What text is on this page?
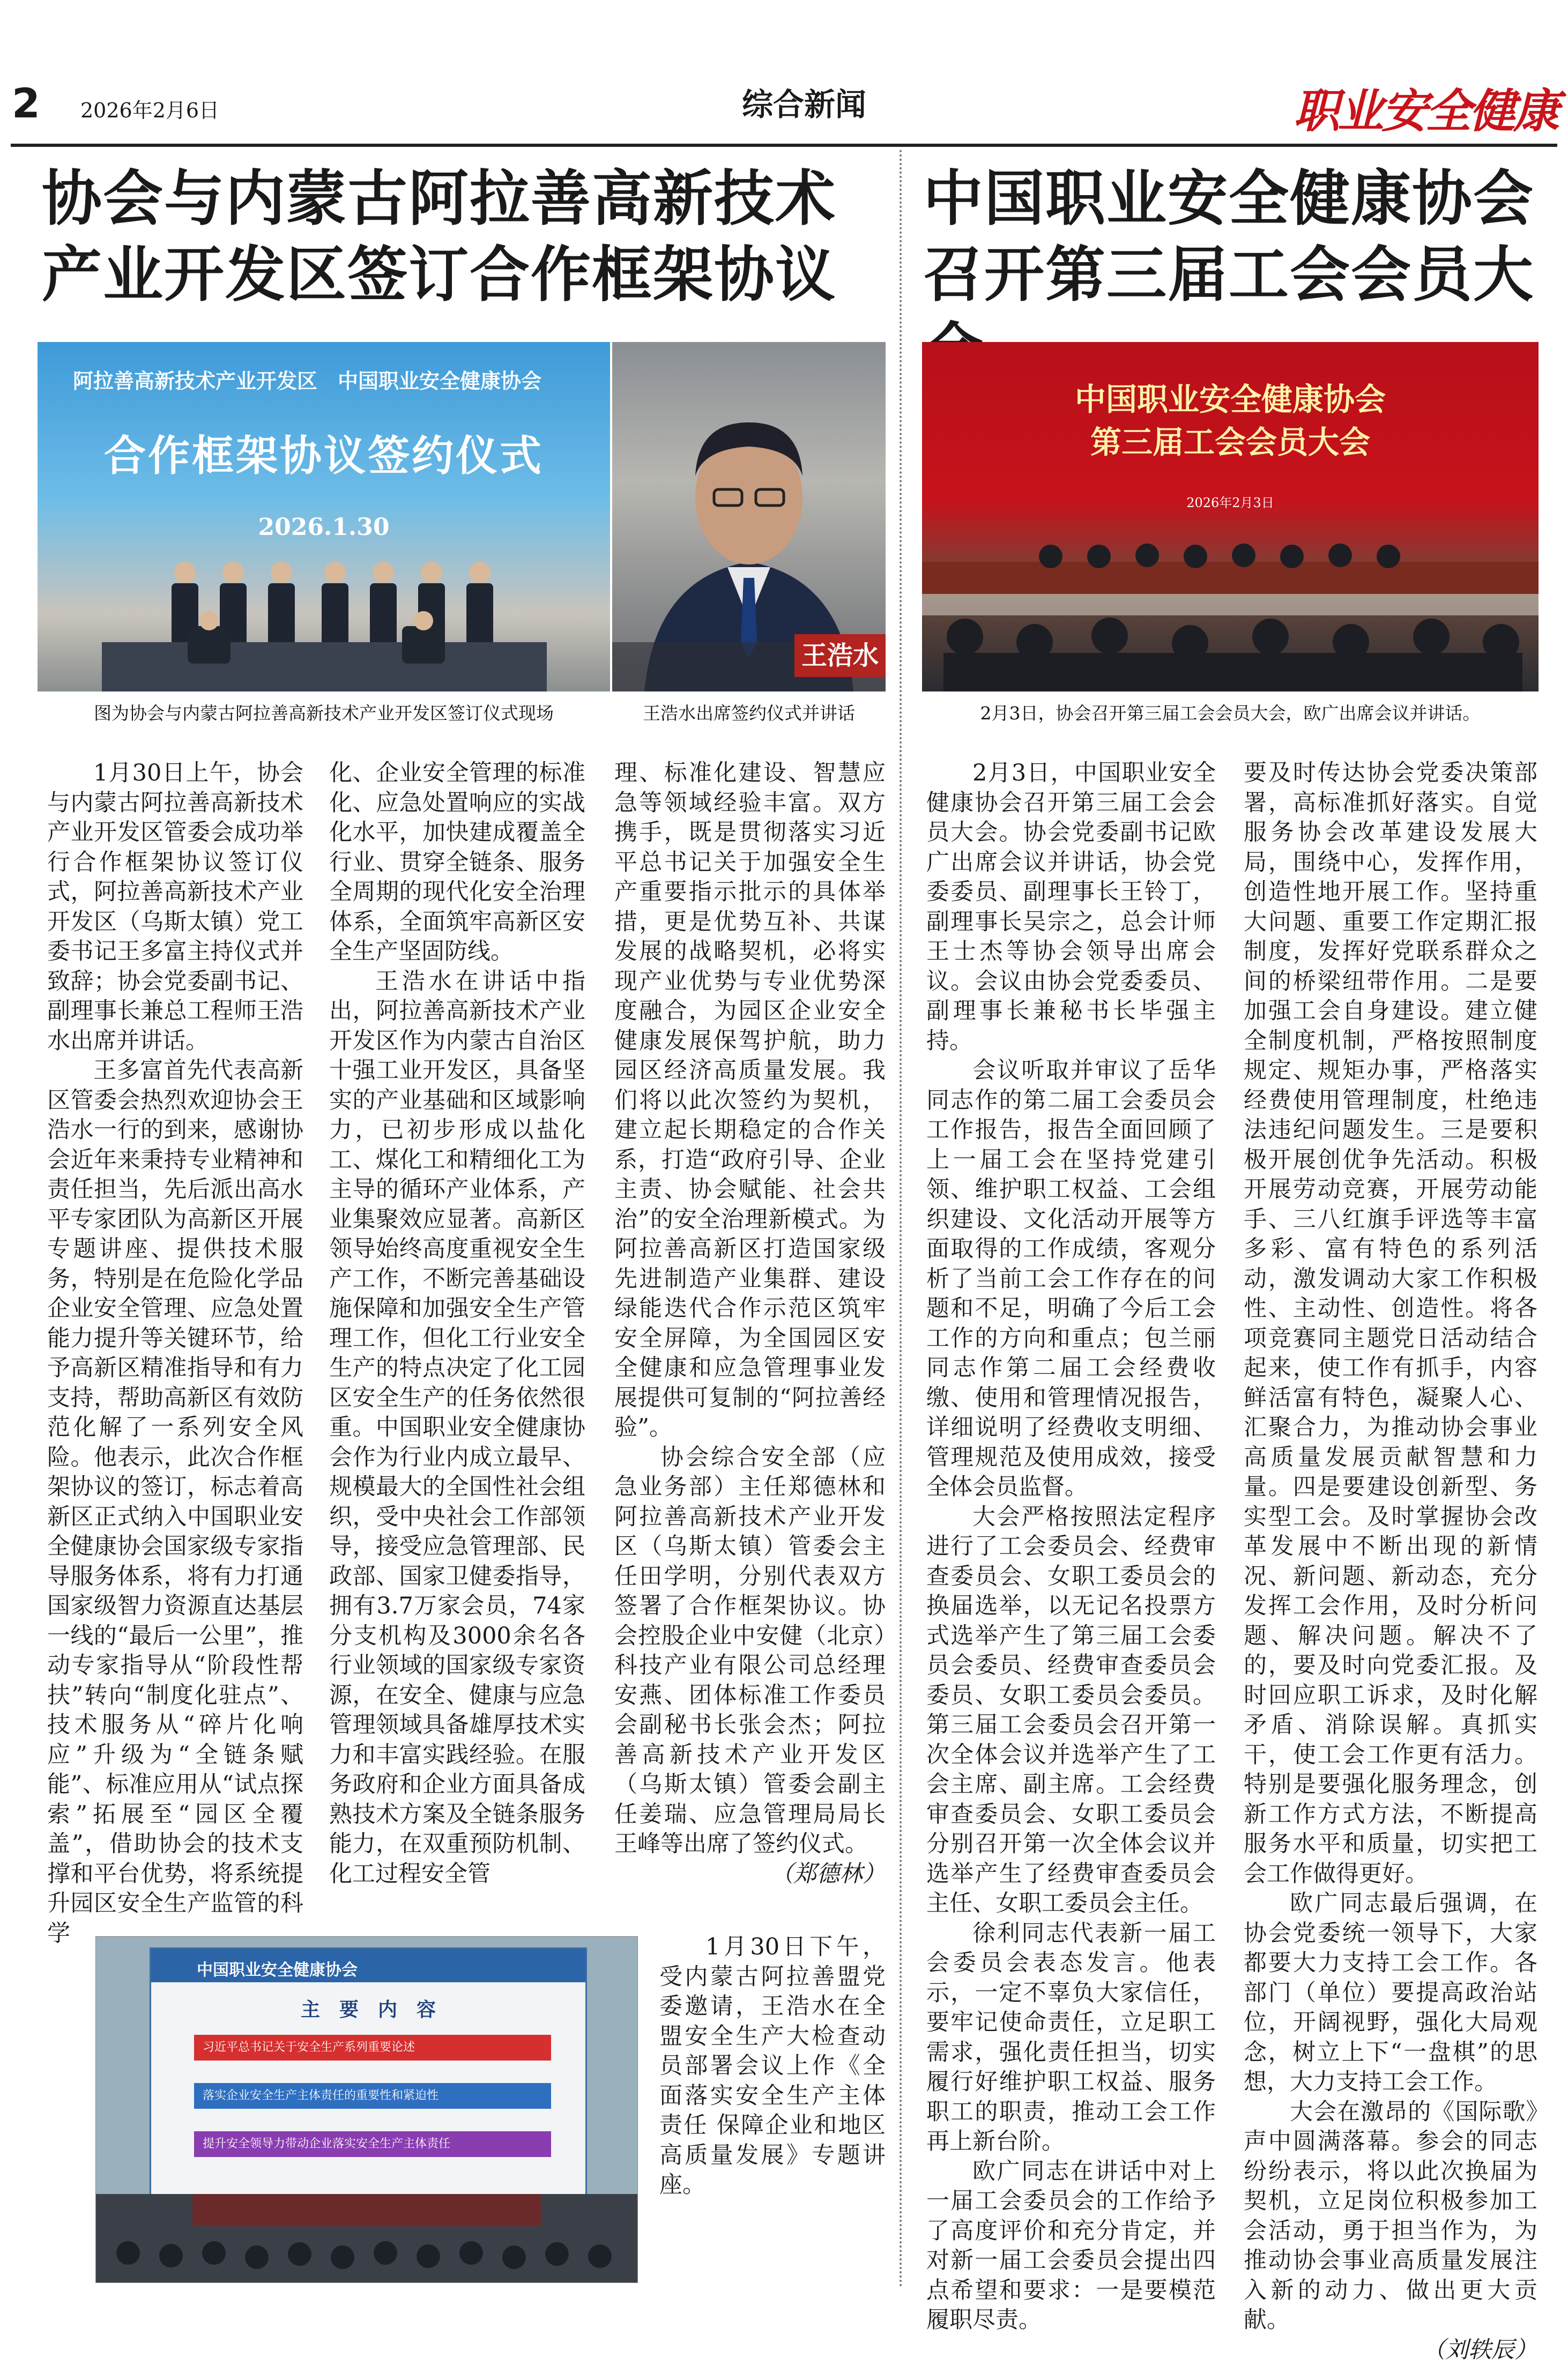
2 2026年2月6日	综合新闻	职业安全健康
协会与内蒙古阿拉善高新技术
产业开发区签订合作框架协议
阿拉善高新技术产业开发区　中国职业安全健康协会
合作框架协议签约仪式
2026.1.30
图为协会与内蒙古阿拉善高新技术产业开发区签订仪式现场
王浩水
王浩水出席签约仪式并讲话

1月30日上午，协会与内蒙古阿拉善高新技术产业开发区管委会成功举行合作框架协议签订仪式，阿拉善高新技术产业开发区（乌斯太镇）党工委书记王多富主持仪式并致辞；协会党委副书记、副理事长兼总工程师王浩水出席并讲话。

王多富首先代表高新区管委会热烈欢迎协会王浩水一行的到来，感谢协会近年来秉持专业精神和责任担当，先后派出高水平专家团队为高新区开展专题讲座、提供技术服务，特别是在危险化学品企业安全管理、应急处置能力提升等关键环节，给予高新区精准指导和有力支持，帮助高新区有效防范化解了一系列安全风险。他表示，此次合作框架协议的签订，标志着高新区正式纳入中国职业安全健康协会国家级专家指导服务体系，将有力打通国家级智力资源直达基层一线的“最后一公里”，推动专家指导从“阶段性帮扶”转向“制度化驻点”、技术服务从“碎片化响应”升级为“全链条赋能”、标准应用从“试点探索”拓展至“园区全覆盖”，借助协会的技术支撑和平台优势，将系统提升园区安全生产监管的科学

化、企业安全管理的标准化、应急处置响应的实战化水平，加快建成覆盖全行业、贯穿全链条、服务全周期的现代化安全治理体系，全面筑牢高新区安全生产坚固防线。

王浩水在讲话中指出，阿拉善高新技术产业开发区作为内蒙古自治区十强工业开发区，具备坚实的产业基础和区域影响力，已初步形成以盐化工、煤化工和精细化工为主导的循环产业体系，产业集聚效应显著。高新区领导始终高度重视安全生产工作，不断完善基础设施保障和加强安全生产管理工作，但化工行业安全生产的特点决定了化工园区安全生产的任务依然很重。中国职业安全健康协会作为行业内成立最早、规模最大的全国性社会组织，受中央社会工作部领导，接受应急管理部、民政部、国家卫健委指导，拥有3.7万家会员，74家分支机构及3000余名各行业领域的国家级专家资源，在安全、健康与应急管理领域具备雄厚技术实力和丰富实践经验。在服务政府和企业方面具备成熟技术方案及全链条服务能力，在双重预防机制、化工过程安全管

理、标准化建设、智慧应急等领域经验丰富。双方携手，既是贯彻落实习近平总书记关于加强安全生产重要指示批示的具体举措，更是优势互补、共谋发展的战略契机，必将实现产业优势与专业优势深度融合，为园区企业安全健康发展保驾护航，助力园区经济高质量发展。我们将以此次签约为契机，建立起长期稳定的合作关系，打造“政府引导、企业主责、协会赋能、社会共治”的安全治理新模式。为阿拉善高新区打造国家级先进制造产业集群、建设绿能迭代合作示范区筑牢安全屏障，为全国园区安全健康和应急管理事业发展提供可复制的“阿拉善经验”。

协会综合安全部（应急业务部）主任郑德林和阿拉善高新技术产业开发区（乌斯太镇）管委会主任田学明，分别代表双方签署了合作框架协议。协会控股企业中安健（北京）科技产业有限公司总经理安燕、团体标准工作委员会副秘书长张会杰；阿拉善高新技术产业开发区（乌斯太镇）管委会副主任姜瑞、应急管理局局长王峰等出席了签约仪式。

（郑德林）
中国职业安全健康协会
主　要　内　容
习近平总书记关于安全生产系列重要论述
落实企业安全生产主体责任的重要性和紧迫性
提升安全领导力带动企业落实安全生产主体责任

1月30日下午，受内蒙古阿拉善盟党委邀请，王浩水在全盟安全生产大检查动员部署会议上作《全面落实安全生产主体责任 保障企业和地区高质量发展》专题讲座。

中国职业安全健康协会
召开第三届工会会员大
中国职业安全健康协会
第三届工会会员大会
2026年2月3日
2月3日，协会召开第三届工会会员大会，欧广出席会议并讲话。

2月3日，中国职业安全健康协会召开第三届工会会员大会。协会党委副书记欧广出席会议并讲话，协会党委委员、副理事长王铃丁，副理事长吴宗之，总会计师王士杰等协会领导出席会议。会议由协会党委委员、副理事长兼秘书长毕强主持。

会议听取并审议了岳华同志作的第二届工会委员会工作报告，报告全面回顾了上一届工会在坚持党建引领、维护职工权益、工会组织建设、文化活动开展等方面取得的工作成绩，客观分析了当前工会工作存在的问题和不足，明确了今后工会工作的方向和重点；包兰丽同志作第二届工会经费收缴、使用和管理情况报告，详细说明了经费收支明细、管理规范及使用成效，接受全体会员监督。

大会严格按照法定程序进行了工会委员会、经费审查委员会、女职工委员会的换届选举，以无记名投票方式选举产生了第三届工会委员会委员、经费审查委员会委员、女职工委员会委员。第三届工会委员会召开第一次全体会议并选举产生了工会主席、副主席。工会经费审查委员会、女职工委员会分别召开第一次全体会议并选举产生了经费审查委员会主任、女职工委员会主任。

徐利同志代表新一届工会委员会表态发言。他表示，一定不辜负大家信任，要牢记使命责任，立足职工需求，强化责任担当，切实履行好维护职工权益、服务职工的职责，推动工会工作再上新台阶。

欧广同志在讲话中对上一届工会委员会的工作给予了高度评价和充分肯定，并对新一届工会委员会提出四点希望和要求：一是要模范履职尽责。

要及时传达协会党委决策部署，高标准抓好落实。自觉服务协会改革建设发展大局，围绕中心，发挥作用，创造性地开展工作。坚持重大问题、重要工作定期汇报制度，发挥好党联系群众之间的桥梁纽带作用。二是要加强工会自身建设。建立健全制度机制，严格按照制度规定、规矩办事，严格落实经费使用管理制度，杜绝违法违纪问题发生。三是要积极开展创优争先活动。积极开展劳动竞赛，开展劳动能手、三八红旗手评选等丰富多彩、富有特色的系列活动，激发调动大家工作积极性、主动性、创造性。将各项竞赛同主题党日活动结合起来，使工作有抓手，内容鲜活富有特色，凝聚人心、汇聚合力，为推动协会事业高质量发展贡献智慧和力量。四是要建设创新型、务实型工会。及时掌握协会改革发展中不断出现的新情况、新问题、新动态，充分发挥工会作用，及时分析问题、解决问题。解决不了的，要及时向党委汇报。及时回应职工诉求，及时化解矛盾、消除误解。真抓实干，使工会工作更有活力。特别是要强化服务理念，创新工作方式方法，不断提高服务水平和质量，切实把工会工作做得更好。

欧广同志最后强调，在协会党委统一领导下，大家都要大力支持工会工作。各部门（单位）要提高政治站位，开阔视野，强化大局观念，树立上下“一盘棋”的思想，大力支持工会工作。

大会在激昂的《国际歌》声中圆满落幕。参会的同志纷纷表示，将以此次换届为契机，立足岗位积极参加工会活动，勇于担当作为，为推动协会事业高质量发展注入新的动力、做出更大贡献。

（刘轶辰）
